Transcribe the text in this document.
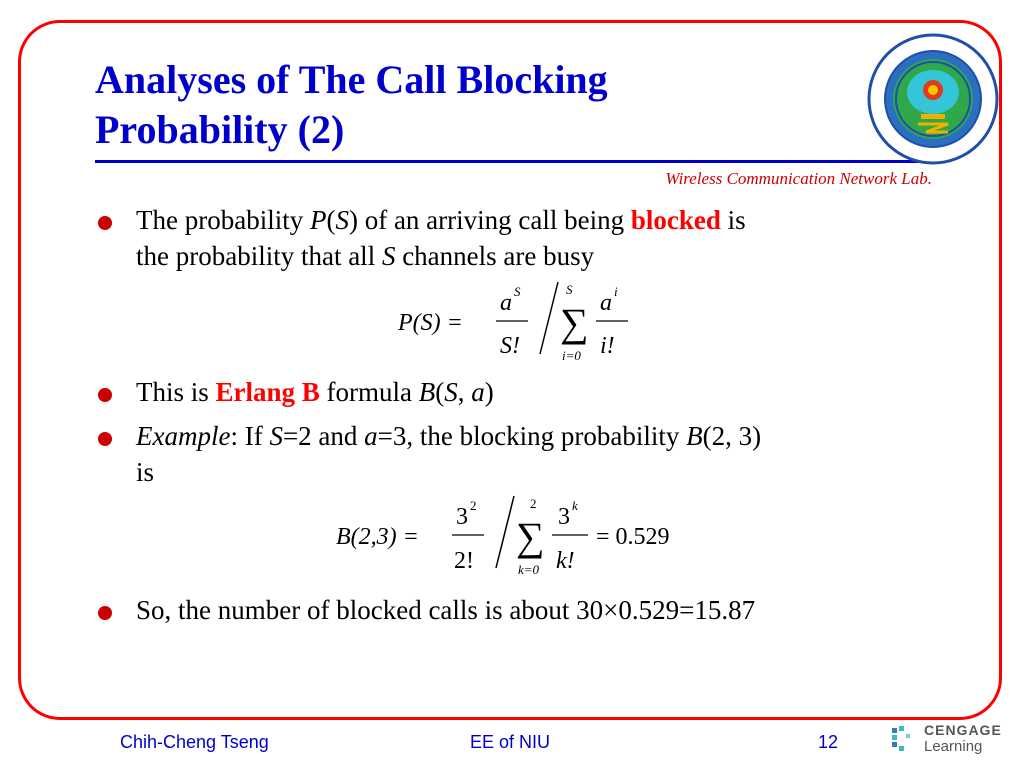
Analyses of The Call Blocking
Probability (2)
Wireless Communication Network Lab.
The probability P(S) of an arriving call being blocked is
the probability that all S channels are busy
P(S) =
a S
S!
S
∑
i=0
a i
i!
This is Erlang B formula B(S, a)
Example: If S=2 and a=3, the blocking probability B(2, 3)
is
B(2,3) =
3 2
2!
2
∑
k=0
3 k
k!
= 0.529
So, the number of blocked calls is about 30×0.529=15.87
Chih-Cheng Tseng	EE of NIU	12
CENGAGE
Learning
